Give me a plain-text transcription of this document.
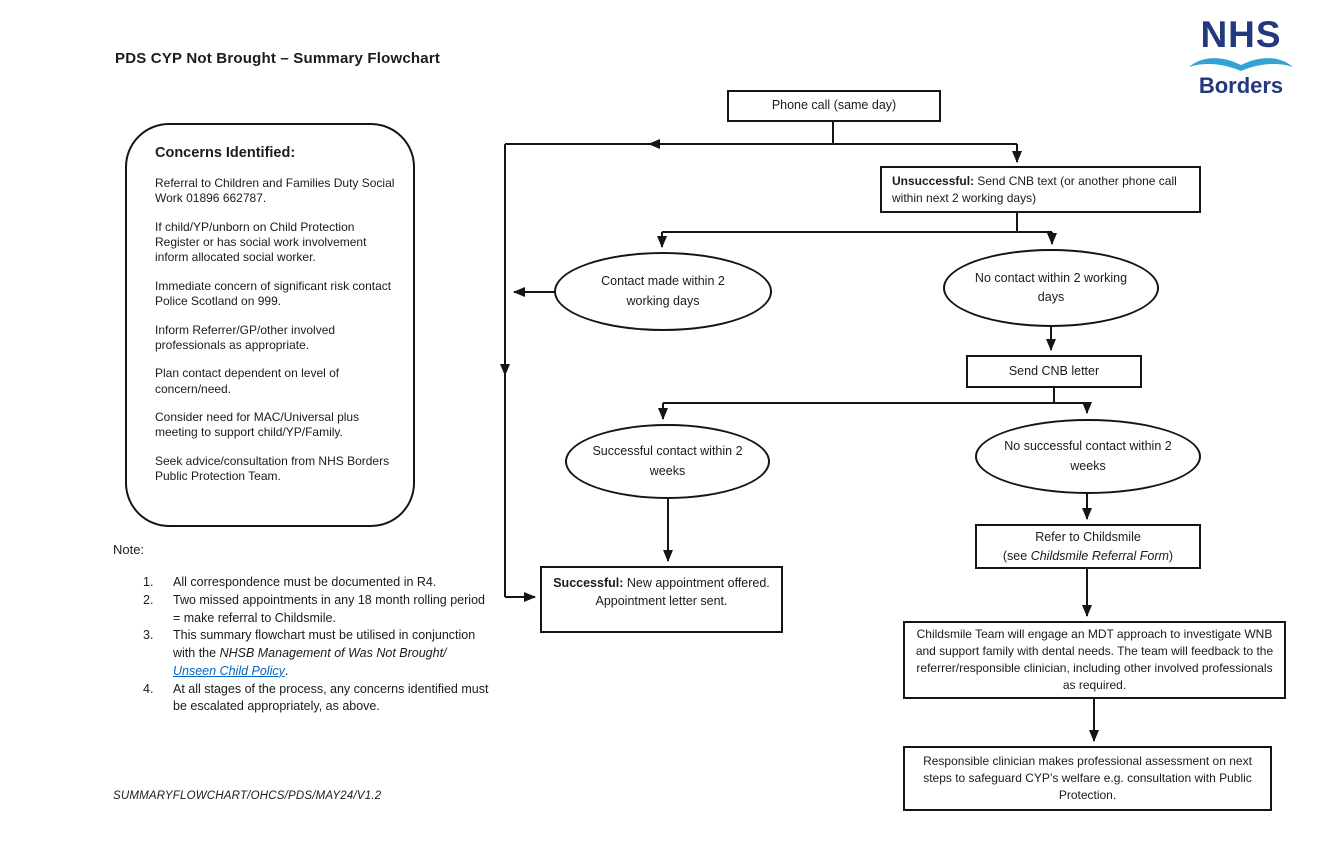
PDS CYP Not Brought – Summary Flowchart
NHS
Borders
Concerns Identified:

Referral to Children and Families Duty Social Work 01896 662787.

If child/YP/unborn on Child Protection Register or has social work involvement inform allocated social worker.

Immediate concern of significant risk contact Police Scotland on 999.

Inform Referrer/GP/other involved professionals as appropriate.

Plan contact dependent on level of concern/need.

Consider need for MAC/Universal plus meeting to support child/YP/Family.

Seek advice/consultation from NHS Borders Public Protection Team.

Note:
1.	All correspondence must be documented in R4.
2.	Two missed appointments in any 18 month rolling period = make referral to Childsmile.
3.	This summary flowchart must be utilised in conjunction with the NHSB Management of Was Not Brought/ Unseen Child Policy.
4.	At all stages of the process, any concerns identified must be escalated appropriately, as above.
SUMMARYFLOWCHART/OHCS/PDS/MAY24/V1.2
Phone call (same day)
Unsuccessful: Send CNB text (or another phone call within next 2 working days)
Contact made within 2 working days
No contact within 2 working days
Send CNB letter
Successful contact within 2 weeks
No successful contact within 2 weeks
Refer to Childsmile
(see Childsmile Referral Form)
Successful: New appointment offered. Appointment letter sent.
Childsmile Team will engage an MDT approach to investigate WNB and support family with dental needs. The team will feedback to the referrer/responsible clinician, including other involved professionals as required.
Responsible clinician makes professional assessment on next steps to safeguard CYP’s welfare e.g. consultation with Public Protection.
